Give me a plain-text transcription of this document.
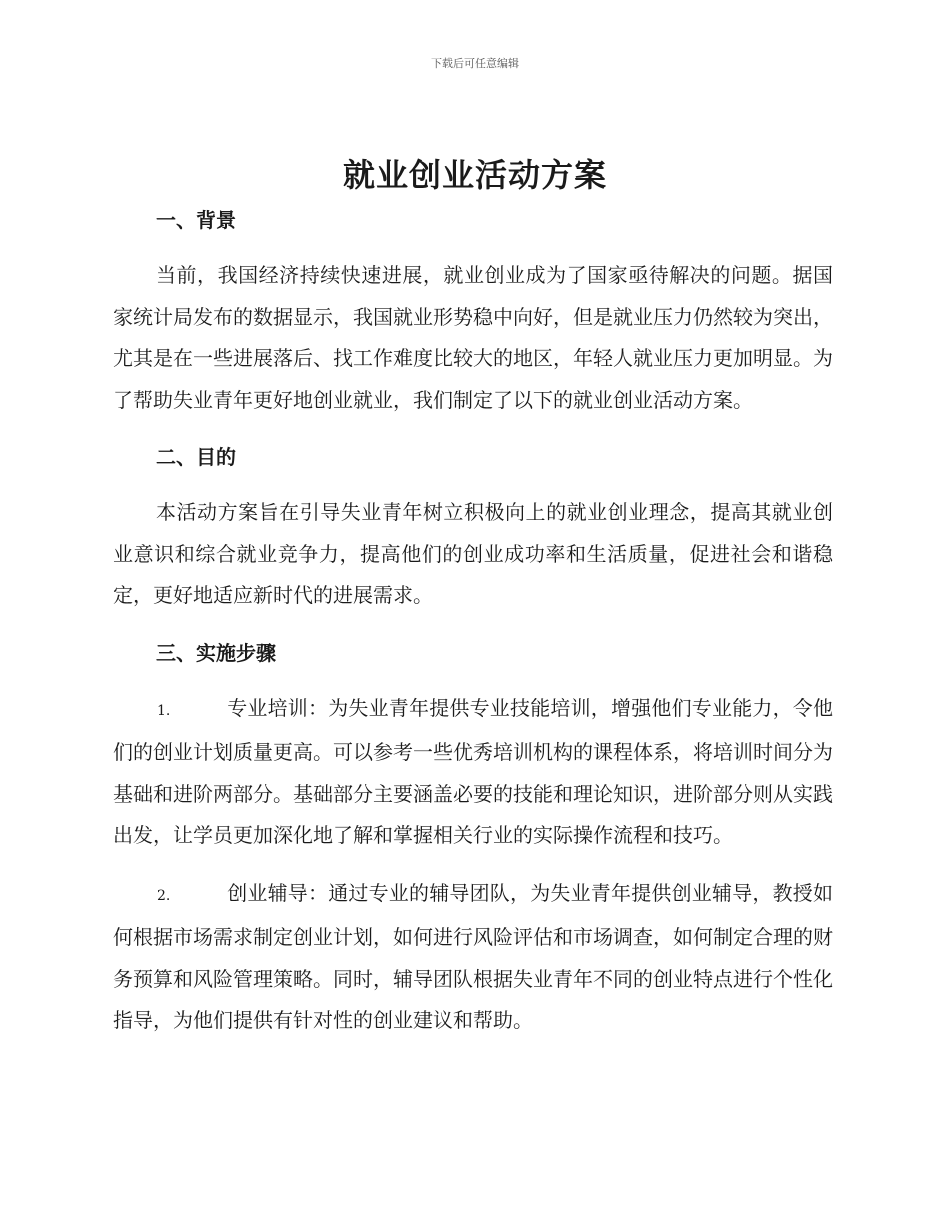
下载后可任意编辑
就业创业活动方案
一、背景

当前，我国经济持续快速进展，就业创业成为了国家亟待解决的问题。据国家统计局发布的数据显示，我国就业形势稳中向好，但是就业压力仍然较为突出，尤其是在一些进展落后、找工作难度比较大的地区，年轻人就业压力更加明显。为了帮助失业青年更好地创业就业，我们制定了以下的就业创业活动方案。

二、目的

本活动方案旨在引导失业青年树立积极向上的就业创业理念，提高其就业创业意识和综合就业竞争力，提高他们的创业成功率和生活质量，促进社会和谐稳定，更好地适应新时代的进展需求。

三、实施步骤

1.	专业培训：为失业青年提供专业技能培训，增强他们专业能力，令他们的创业计划质量更高。可以参考一些优秀培训机构的课程体系，将培训时间分为基础和进阶两部分。基础部分主要涵盖必要的技能和理论知识，进阶部分则从实践出发，让学员更加深化地了解和掌握相关行业的实际操作流程和技巧。

2.	创业辅导：通过专业的辅导团队，为失业青年提供创业辅导，教授如何根据市场需求制定创业计划，如何进行风险评估和市场调查，如何制定合理的财务预算和风险管理策略。同时，辅导团队根据失业青年不同的创业特点进行个性化指导，为他们提供有针对性的创业建议和帮助。
